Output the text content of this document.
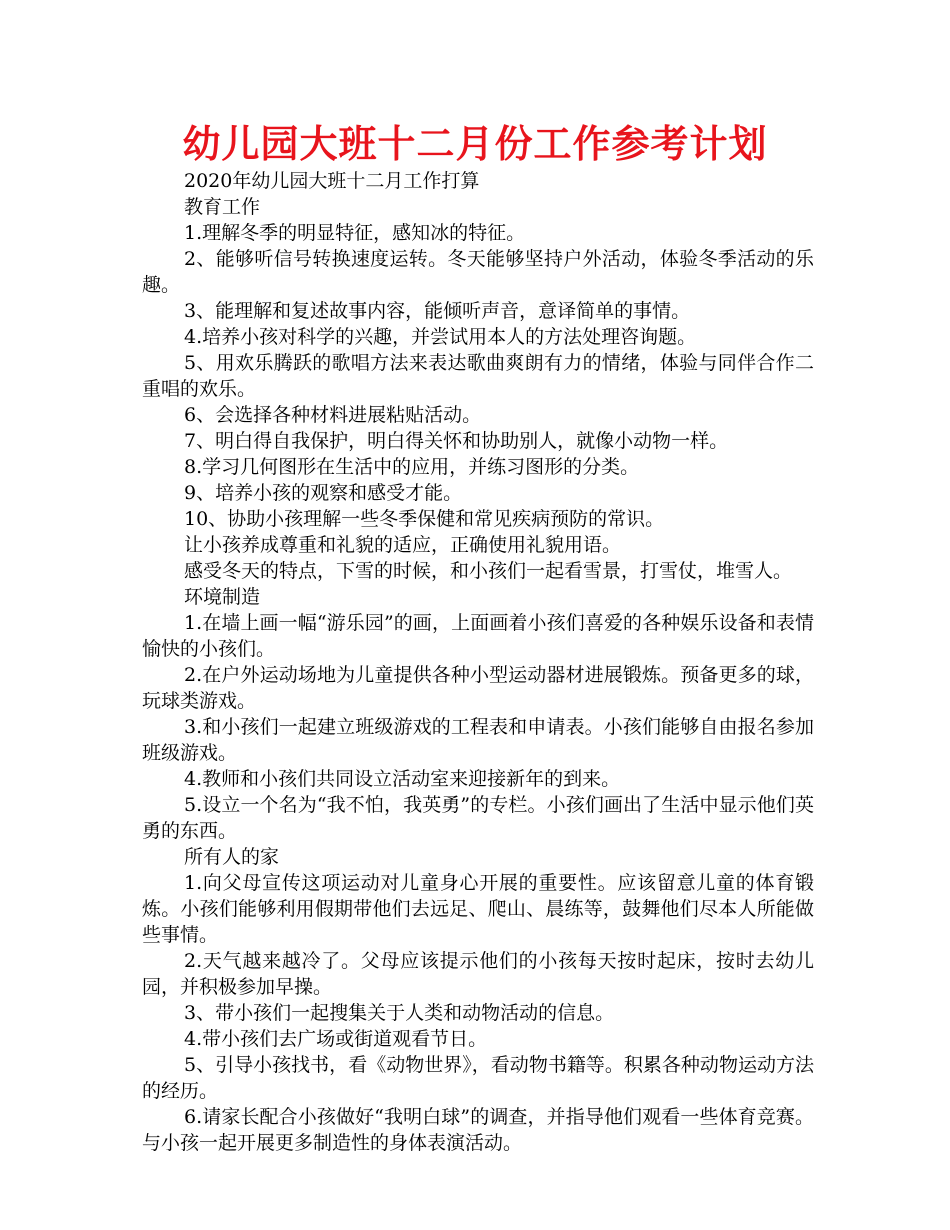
幼儿园大班十二月份工作参考计划

2020年幼儿园大班十二月工作打算

教育工作

1.理解冬季的明显特征，感知冰的特征。

2、能够听信号转换速度运转。冬天能够坚持户外活动，体验冬季活动的乐趣。

3、能理解和复述故事内容，能倾听声音，意译简单的事情。

4.培养小孩对科学的兴趣，并尝试用本人的方法处理咨询题。

5、用欢乐腾跃的歌唱方法来表达歌曲爽朗有力的情绪，体验与同伴合作二重唱的欢乐。

6、会选择各种材料进展粘贴活动。

7、明白得自我保护，明白得关怀和协助别人，就像小动物一样。

8.学习几何图形在生活中的应用，并练习图形的分类。

9、培养小孩的观察和感受才能。

10、协助小孩理解一些冬季保健和常见疾病预防的常识。

让小孩养成尊重和礼貌的适应，正确使用礼貌用语。

感受冬天的特点，下雪的时候，和小孩们一起看雪景，打雪仗，堆雪人。

环境制造

1.在墙上画一幅“游乐园”的画，上面画着小孩们喜爱的各种娱乐设备和表情愉快的小孩们。

2.在户外运动场地为儿童提供各种小型运动器材进展锻炼。预备更多的球，玩球类游戏。

3.和小孩们一起建立班级游戏的工程表和申请表。小孩们能够自由报名参加班级游戏。

4.教师和小孩们共同设立活动室来迎接新年的到来。

5.设立一个名为“我不怕，我英勇”的专栏。小孩们画出了生活中显示他们英勇的东西。

所有人的家

1.向父母宣传这项运动对儿童身心开展的重要性。应该留意儿童的体育锻炼。小孩们能够利用假期带他们去远足、爬山、晨练等，鼓舞他们尽本人所能做些事情。

2.天气越来越冷了。父母应该提示他们的小孩每天按时起床，按时去幼儿园，并积极参加早操。

3、带小孩们一起搜集关于人类和动物活动的信息。

4.带小孩们去广场或街道观看节日。

5、引导小孩找书，看《动物世界》，看动物书籍等。积累各种动物运动方法的经历。

6.请家长配合小孩做好“我明白球”的调查，并指导他们观看一些体育竞赛。与小孩一起开展更多制造性的身体表演活动。
